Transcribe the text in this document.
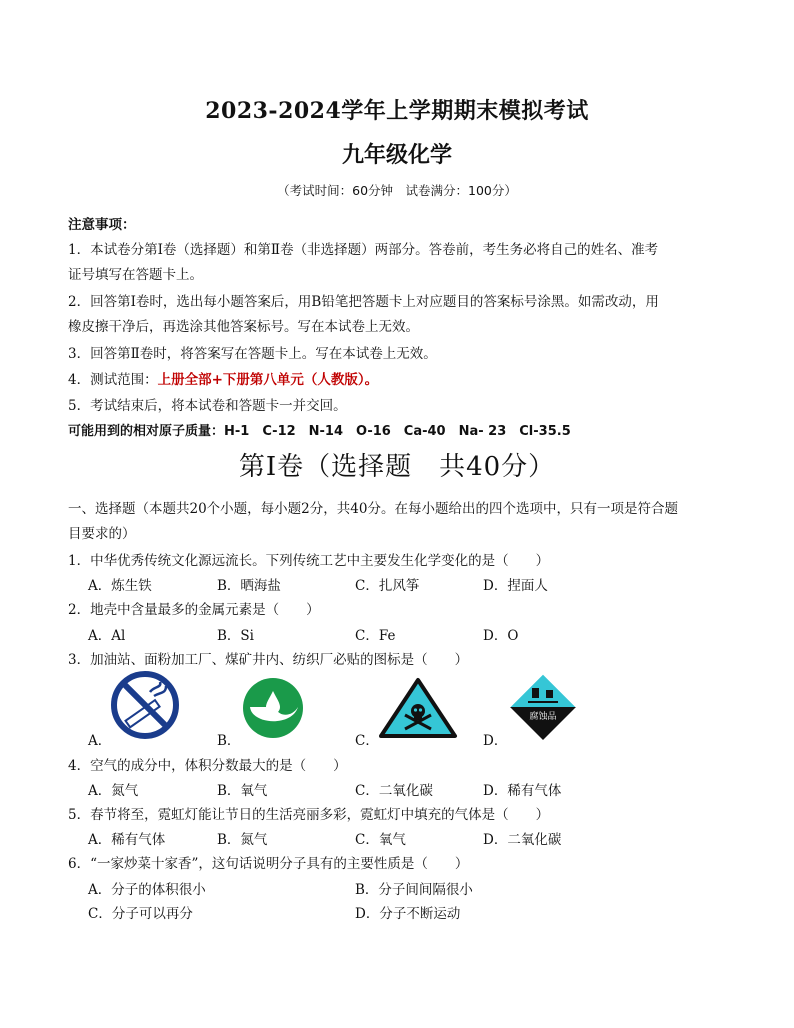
2023-2024学年上学期期末模拟考试
九年级化学
（考试时间：60分钟　试卷满分：100分）
注意事项：
1．本试卷分第Ⅰ卷（选择题）和第Ⅱ卷（非选择题）两部分。答卷前，考生务必将自己的姓名、准考
证号填写在答题卡上。
2．回答第Ⅰ卷时，选出每小题答案后，用B铅笔把答题卡上对应题目的答案标号涂黑。如需改动，用
橡皮擦干净后，再选涂其他答案标号。写在本试卷上无效。
3．回答第Ⅱ卷时，将答案写在答题卡上。写在本试卷上无效。
4．测试范围：上册全部+下册第八单元（人教版）。
5．考试结束后，将本试卷和答题卡一并交回。
可能用到的相对原子质量：H-1　C-12　N-14　O-16　Ca-40　Na- 23　Cl-35.5
第Ⅰ卷（选择题　共40分）
一、选择题（本题共20个小题，每小题2分，共40分。在每小题给出的四个选项中，只有一项是符合题
目要求的）
1．中华优秀传统文化源远流长。下列传统工艺中主要发生化学变化的是（　　）
A．炼生铁	B．晒海盐	C．扎风筝	D．捏面人
2．地壳中含量最多的金属元素是（　　）
A．Al	B．Si	C．Fe	D．O
3．加油站、面粉加工厂、煤矿井内、纺织厂必贴的图标是（　　）
腐蚀品
A．	B．	C．	D．
4．空气的成分中，体积分数最大的是（　　）
A．氮气	B．氧气	C．二氧化碳	D．稀有气体
5．春节将至，霓虹灯能让节日的生活亮丽多彩，霓虹灯中填充的气体是（　　）
A．稀有气体	B．氮气	C．氧气	D．二氧化碳
6．“一家炒菜十家香”，这句话说明分子具有的主要性质是（　　）
A．分子的体积很小	B．分子间间隔很小
C．分子可以再分	D．分子不断运动
